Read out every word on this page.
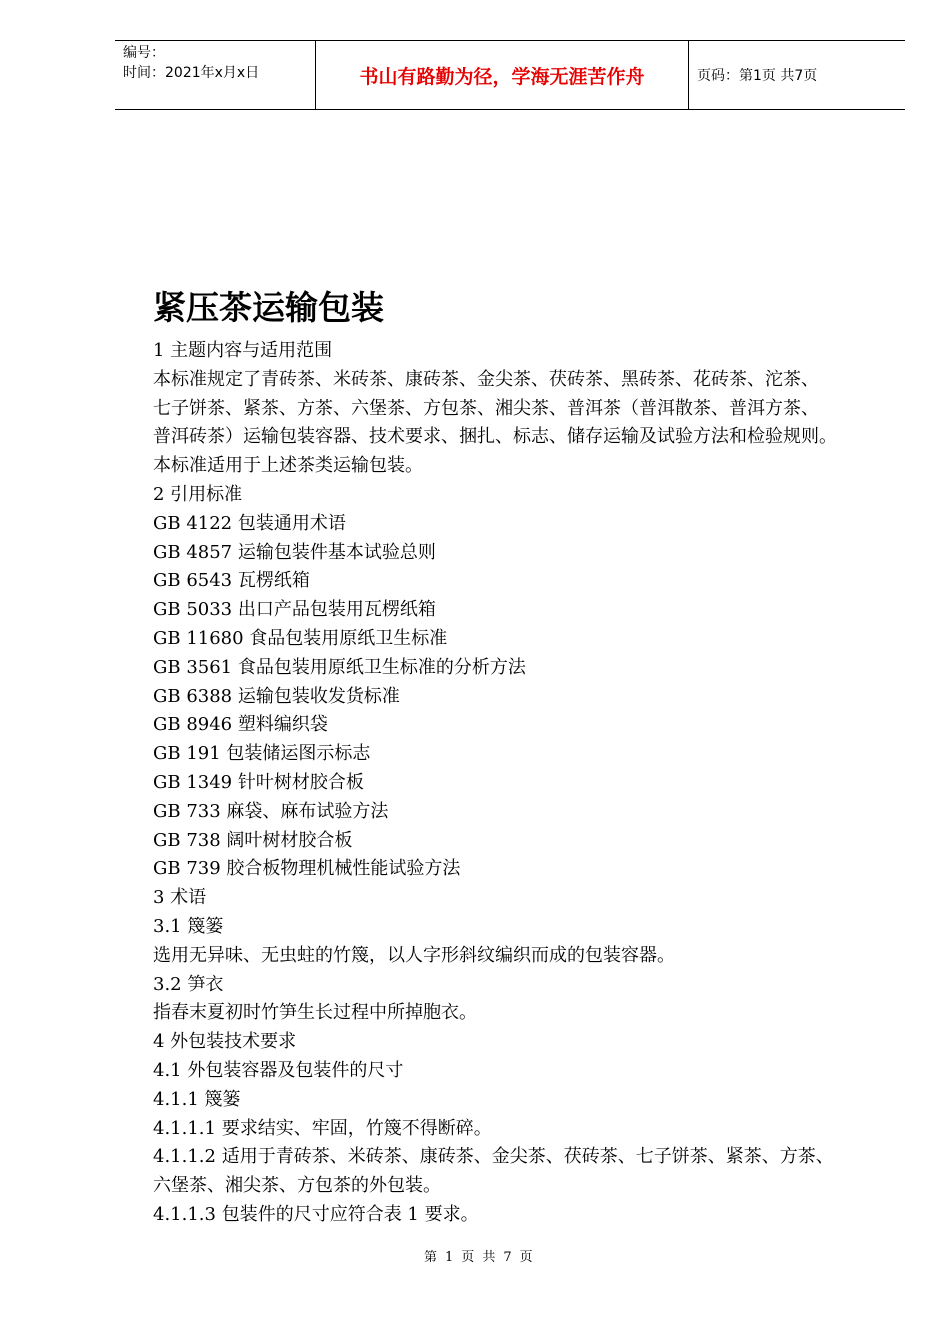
编号：
时间：2021年x月x日	书山有路勤为径，学海无涯苦作舟	页码：第1页 共7页
紧压茶运输包装
1 主题内容与适用范围
本标准规定了青砖茶、米砖茶、康砖茶、金尖茶、茯砖茶、黑砖茶、花砖茶、沱茶、
七子饼茶、紧茶、方茶、六堡茶、方包茶、湘尖茶、普洱茶（普洱散茶、普洱方茶、
普洱砖茶）运输包装容器、技术要求、捆扎、标志、储存运输及试验方法和检验规则。
本标准适用于上述茶类运输包装。
2 引用标准
GB 4122 包装通用术语
GB 4857 运输包装件基本试验总则
GB 6543 瓦楞纸箱
GB 5033 出口产品包装用瓦楞纸箱
GB 11680 食品包装用原纸卫生标准
GB 3561 食品包装用原纸卫生标准的分析方法
GB 6388 运输包装收发货标准
GB 8946 塑料编织袋
GB 191 包装储运图示标志
GB 1349 针叶树材胶合板
GB 733 麻袋、麻布试验方法
GB 738 阔叶树材胶合板
GB 739 胶合板物理机械性能试验方法
3 术语
3.1 篾篓
选用无异味、无虫蛀的竹篾，以人字形斜纹编织而成的包装容器。
3.2 笋衣
指春末夏初时竹笋生长过程中所掉胞衣。
4 外包装技术要求
4.1 外包装容器及包装件的尺寸
4.1.1 篾篓
4.1.1.1 要求结实、牢固，竹篾不得断碎。
4.1.1.2 适用于青砖茶、米砖茶、康砖茶、金尖茶、茯砖茶、七子饼茶、紧茶、方茶、
六堡茶、湘尖茶、方包茶的外包装。
4.1.1.3 包装件的尺寸应符合表 1 要求。
第 1 页 共 7 页
